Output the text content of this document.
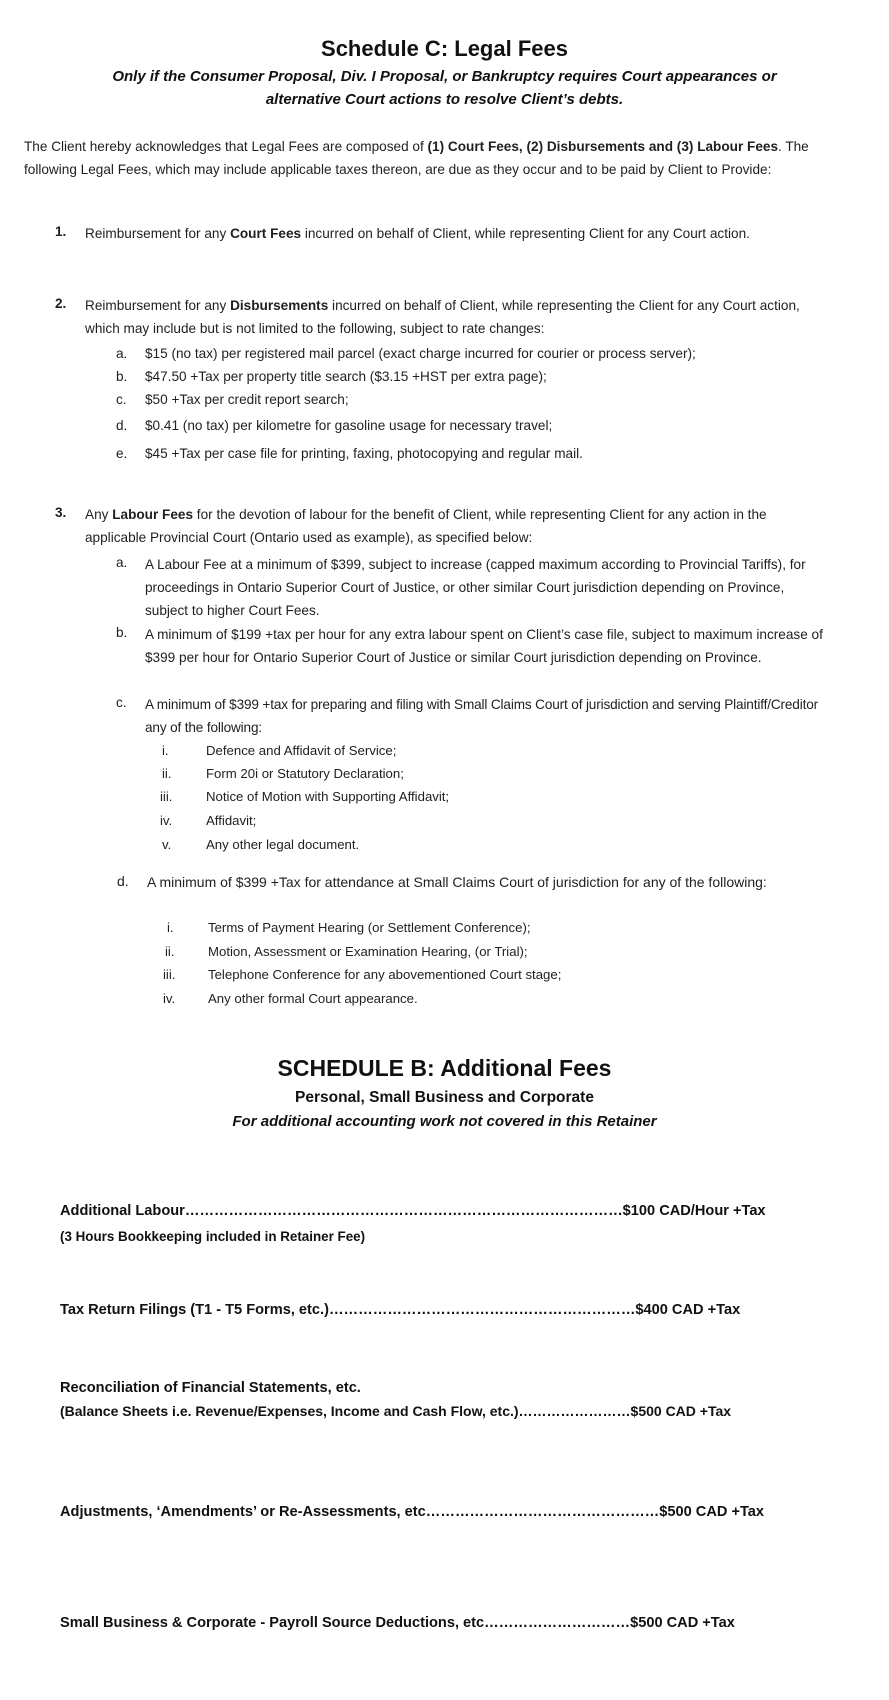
Schedule C: Legal Fees
Only if the Consumer Proposal, Div. I Proposal, or Bankruptcy requires Court appearances or
alternative Court actions to resolve Client’s debts.
The Client hereby acknowledges that Legal Fees are composed of (1) Court Fees, (2) Disbursements and (3) Labour Fees. The following Legal Fees, which may include applicable taxes thereon, are due as they occur and to be paid by Client to Provide:
1. Reimbursement for any Court Fees incurred on behalf of Client, while representing Client for any Court action.
2. Reimbursement for any Disbursements incurred on behalf of Client, while representing the Client for any Court action, which may include but is not limited to the following, subject to rate changes:
a. $15 (no tax) per registered mail parcel (exact charge incurred for courier or process server);
b. $47.50 +Tax per property title search ($3.15 +HST per extra page);
c. $50 +Tax per credit report search;
d. $0.41 (no tax) per kilometre for gasoline usage for necessary travel;
e. $45 +Tax per case file for printing, faxing, photocopying and regular mail.
3. Any Labour Fees for the devotion of labour for the benefit of Client, while representing Client for any action in the applicable Provincial Court (Ontario used as example), as specified below:
a. A Labour Fee at a minimum of $399, subject to increase (capped maximum according to Provincial Tariffs), for proceedings in Ontario Superior Court of Justice, or other similar Court jurisdiction depending on Province, subject to higher Court Fees.
b. A minimum of $199 +tax per hour for any extra labour spent on Client’s case file, subject to maximum increase of $399 per hour for Ontario Superior Court of Justice or similar Court jurisdiction depending on Province.
c. A minimum of $399 +tax for preparing and filing with Small Claims Court of jurisdiction and serving Plaintiff/Creditor any of the following:
i.	Defence and Affidavit of Service;
ii.	Form 20i or Statutory Declaration;
iii.	Notice of Motion with Supporting Affidavit;
iv.	Affidavit;
v.	Any other legal document.
d. A minimum of $399 +Tax for attendance at Small Claims Court of jurisdiction for any of the following:
i.	Terms of Payment Hearing (or Settlement Conference);
ii.	Motion, Assessment or Examination Hearing, (or Trial);
iii. Telephone Conference for any abovementioned Court stage;
iv. Any other formal Court appearance.
SCHEDULE B: Additional Fees
Personal, Small Business and Corporate
For additional accounting work not covered in this Retainer
Additional Labour………………………………………………………………………………$100 CAD/Hour +Tax
(3 Hours Bookkeeping included in Retainer Fee)
Tax Return Filings (T1 - T5 Forms, etc.)………………………………………………………$400 CAD +Tax
Reconciliation of Financial Statements, etc.
(Balance Sheets i.e. Revenue/Expenses, Income and Cash Flow, etc.)……………………$500 CAD +Tax
Adjustments, ‘Amendments’ or Re-Assessments, etc…………………………………………$500 CAD +Tax
Small Business & Corporate - Payroll Source Deductions, etc…………………………$500 CAD +Tax
